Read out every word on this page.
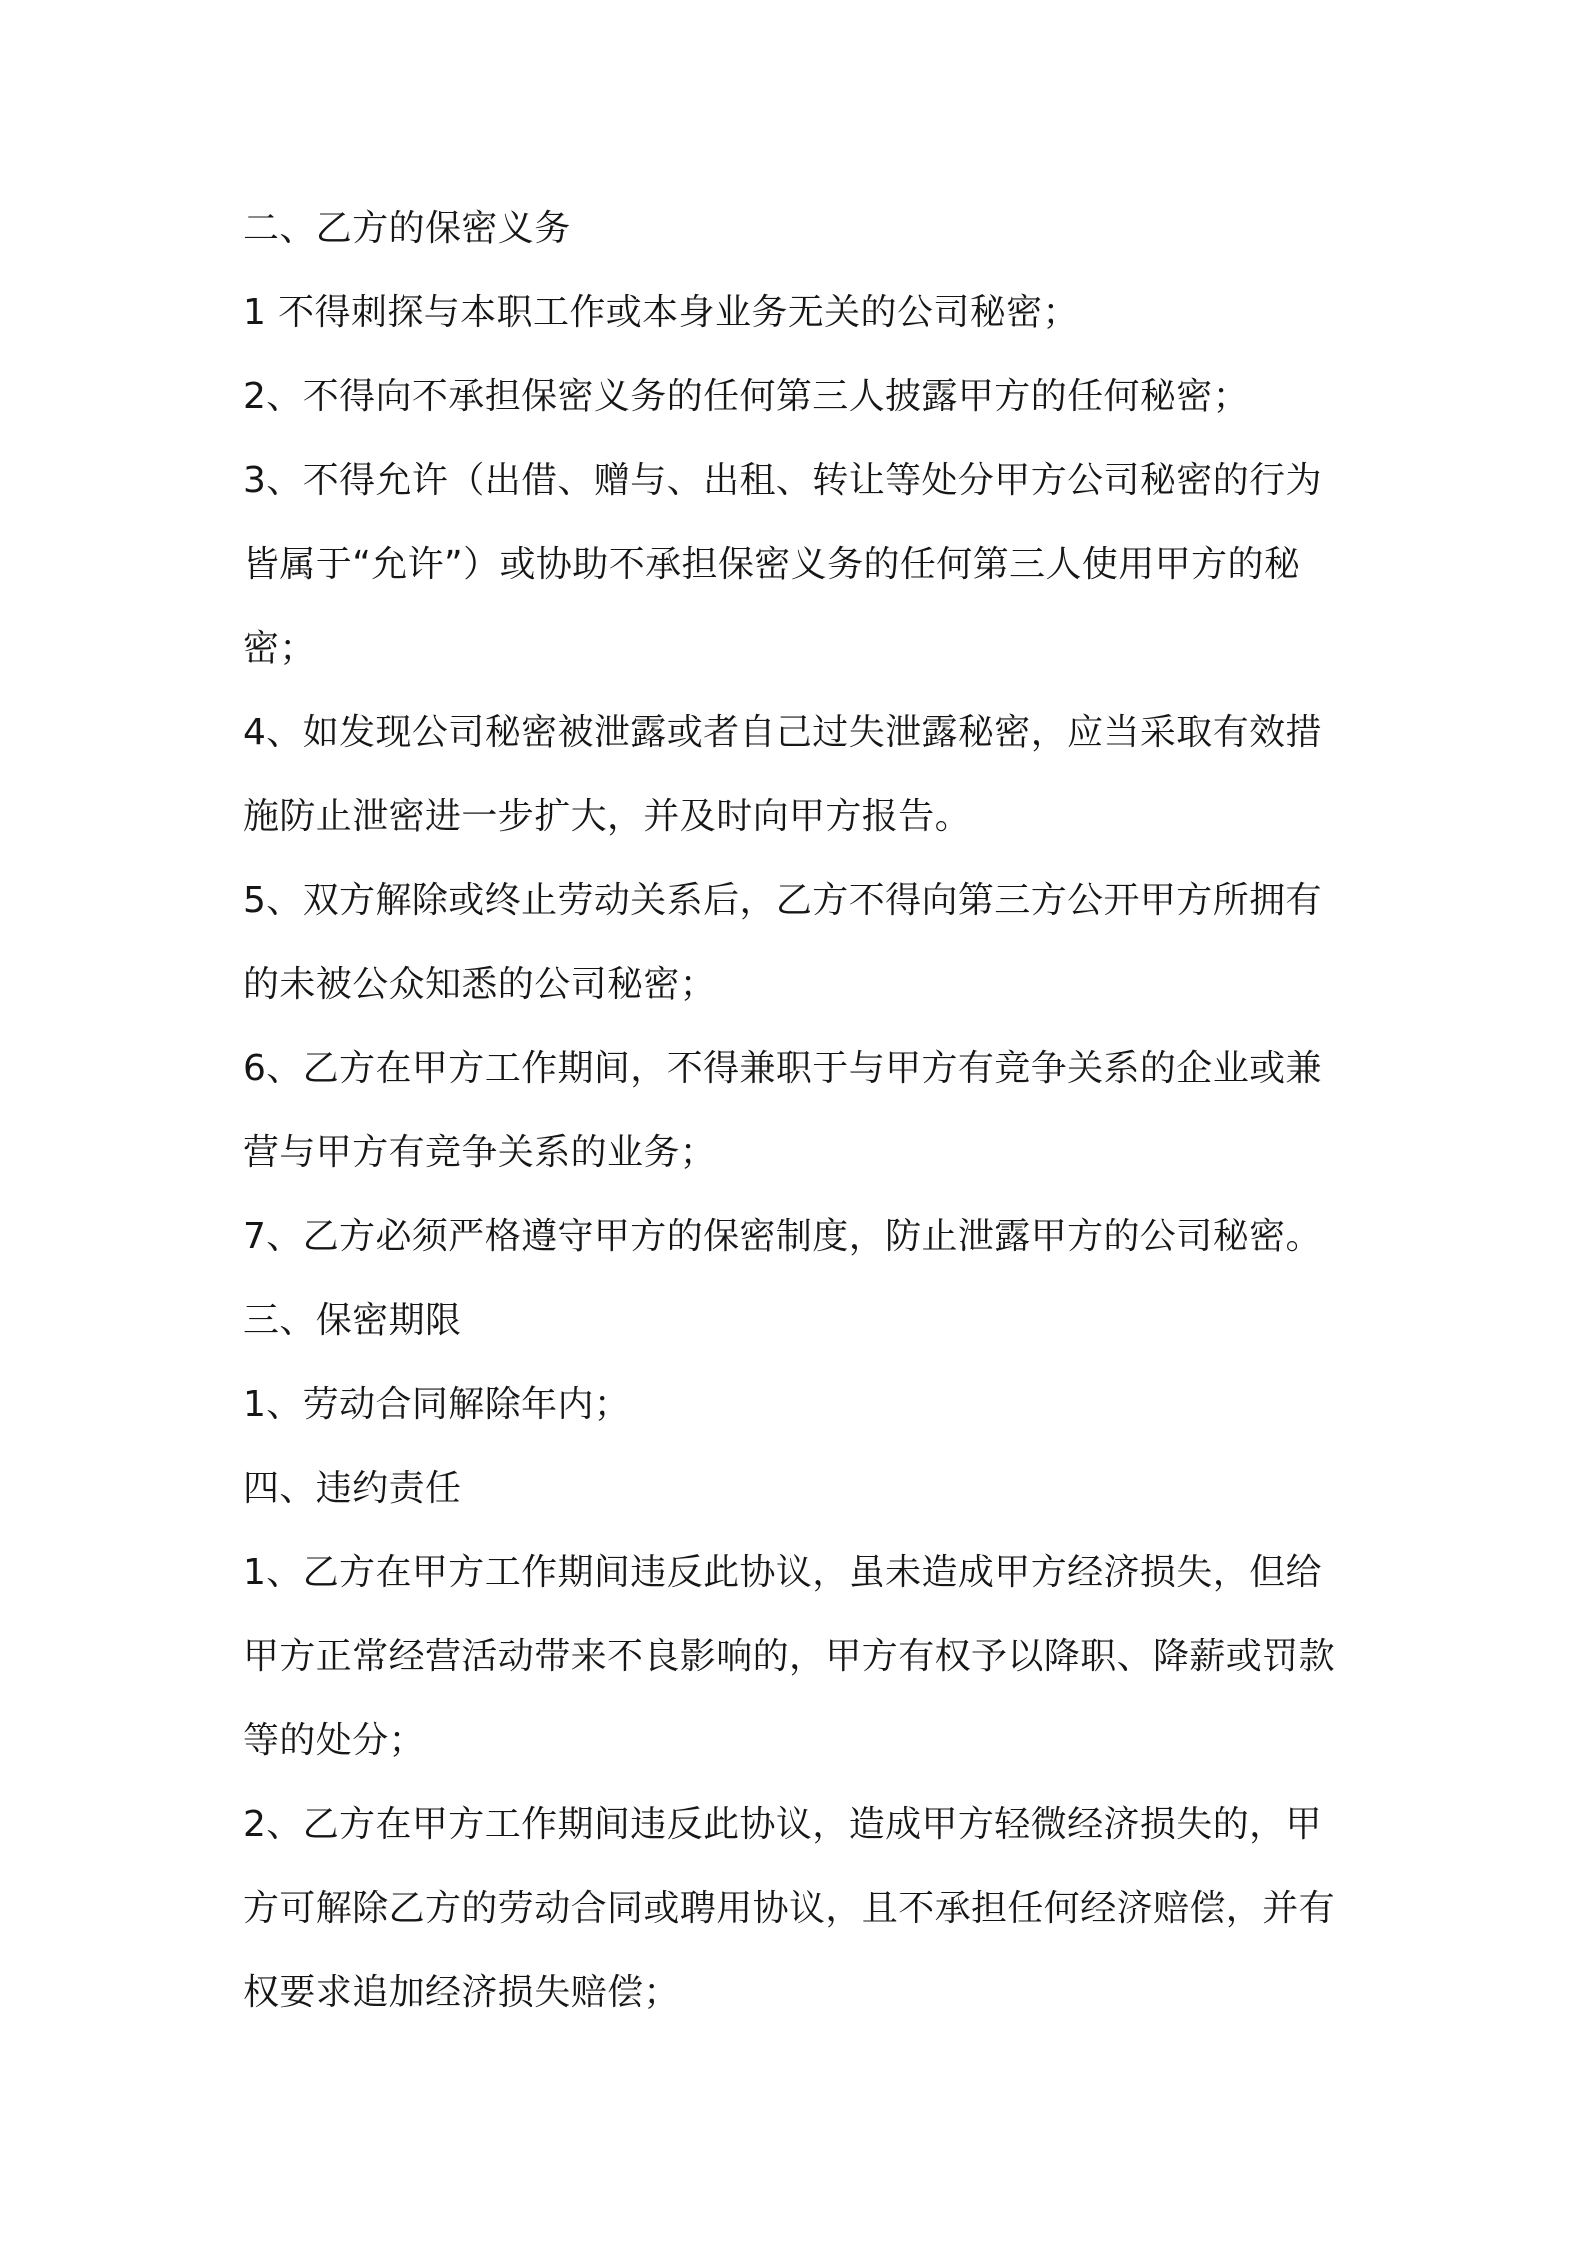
二、乙方的保密义务
1 不得刺探与本职工作或本身业务无关的公司秘密；
2、不得向不承担保密义务的任何第三人披露甲方的任何秘密；
3、不得允许（出借、赠与、出租、转让等处分甲方公司秘密的行为
皆属于“允许”）或协助不承担保密义务的任何第三人使用甲方的秘
密；
4、如发现公司秘密被泄露或者自己过失泄露秘密，应当采取有效措
施防止泄密进一步扩大，并及时向甲方报告。
5、双方解除或终止劳动关系后，乙方不得向第三方公开甲方所拥有
的未被公众知悉的公司秘密；
6、乙方在甲方工作期间，不得兼职于与甲方有竞争关系的企业或兼
营与甲方有竞争关系的业务；
7、乙方必须严格遵守甲方的保密制度，防止泄露甲方的公司秘密。
三、保密期限
1、劳动合同解除年内；
四、违约责任
1、乙方在甲方工作期间违反此协议，虽未造成甲方经济损失，但给
甲方正常经营活动带来不良影响的，甲方有权予以降职、降薪或罚款
等的处分；
2、乙方在甲方工作期间违反此协议，造成甲方轻微经济损失的，甲
方可解除乙方的劳动合同或聘用协议，且不承担任何经济赔偿，并有
权要求追加经济损失赔偿；
